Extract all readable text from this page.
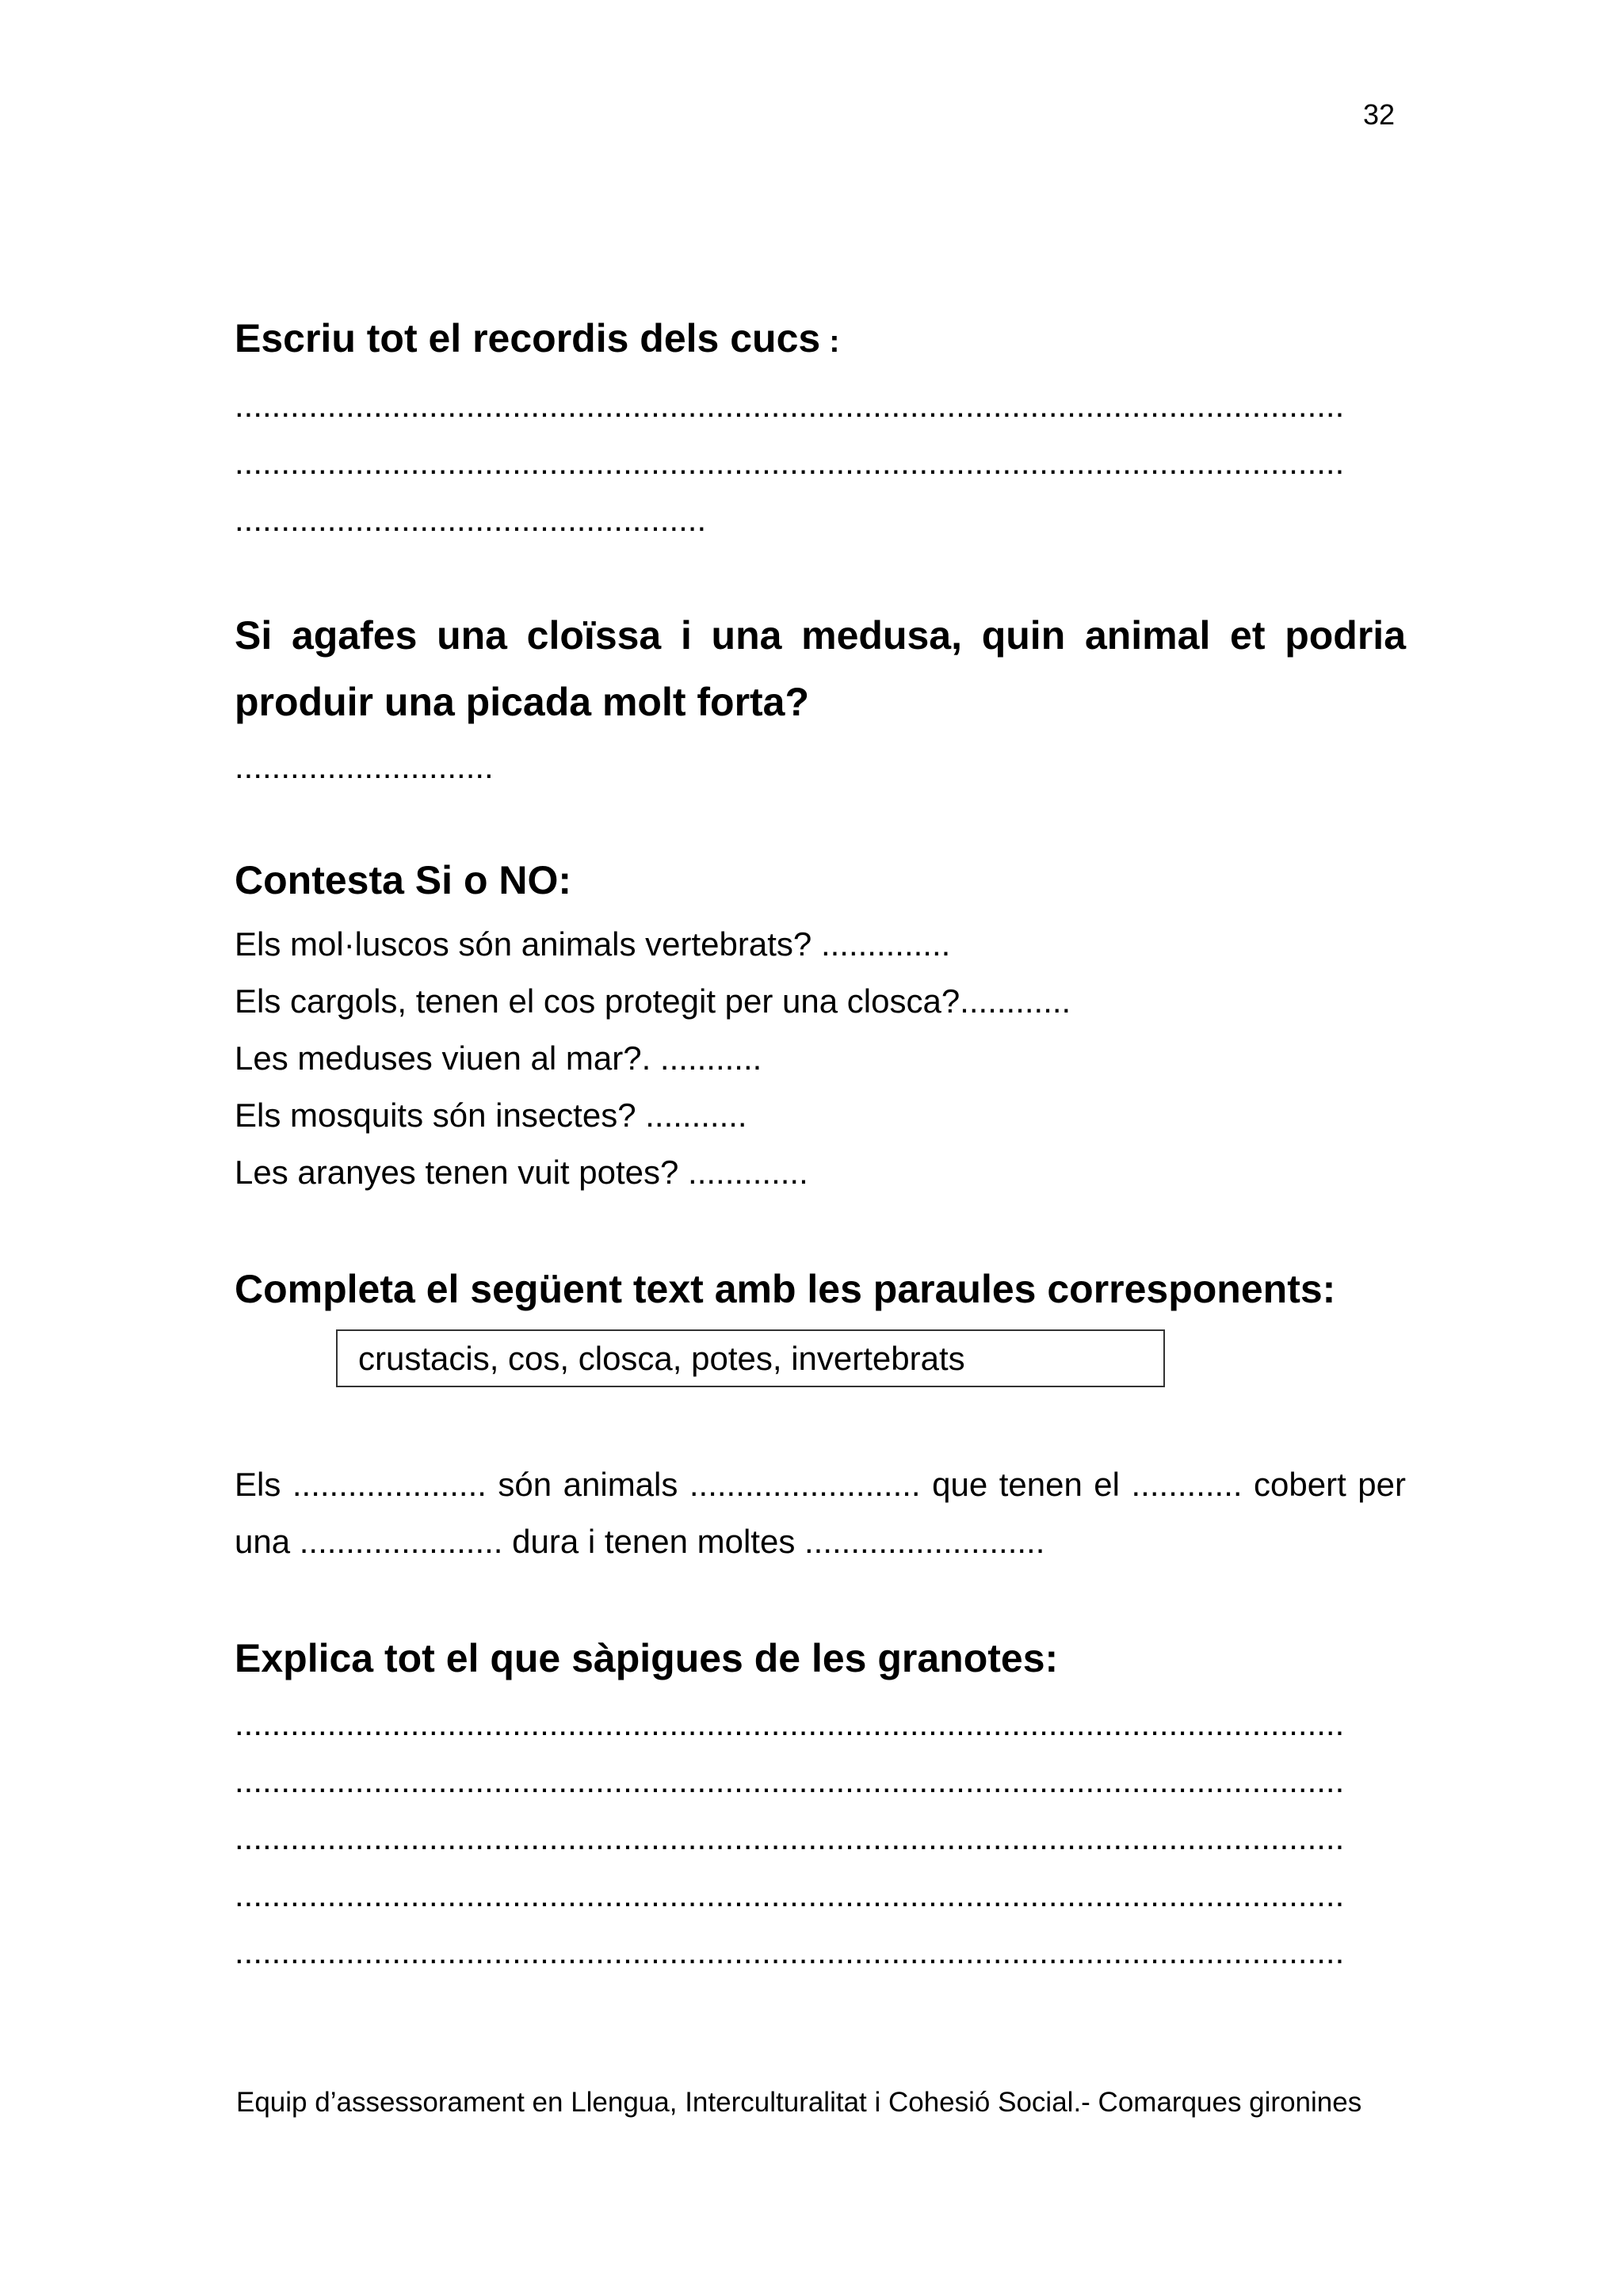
32
Escriu tot el recordis dels cucs :
........................................................................................................................
........................................................................................................................
...................................................
Si agafes una cloïssa i una medusa, quin animal et podria produir una picada molt forta?
............................
Contesta Si o NO:
Els mol·luscos són animals vertebrats? ..............
Els cargols, tenen el cos protegit per una closca?............
Les meduses viuen al mar?. ...........
Els mosquits són insectes? ...........
Les aranyes tenen vuit potes? .............
Completa el següent text amb les paraules corresponents:
crustacis, cos, closca, potes, invertebrats
Els ..................... són animals ......................... que tenen el ............ cobert per una ...................... dura i tenen moltes ..........................
Explica tot el que sàpigues de les granotes:
........................................................................................................................
........................................................................................................................
........................................................................................................................
........................................................................................................................
........................................................................................................................
Equip d’assessorament en Llengua, Interculturalitat i Cohesió Social.- Comarques gironines
